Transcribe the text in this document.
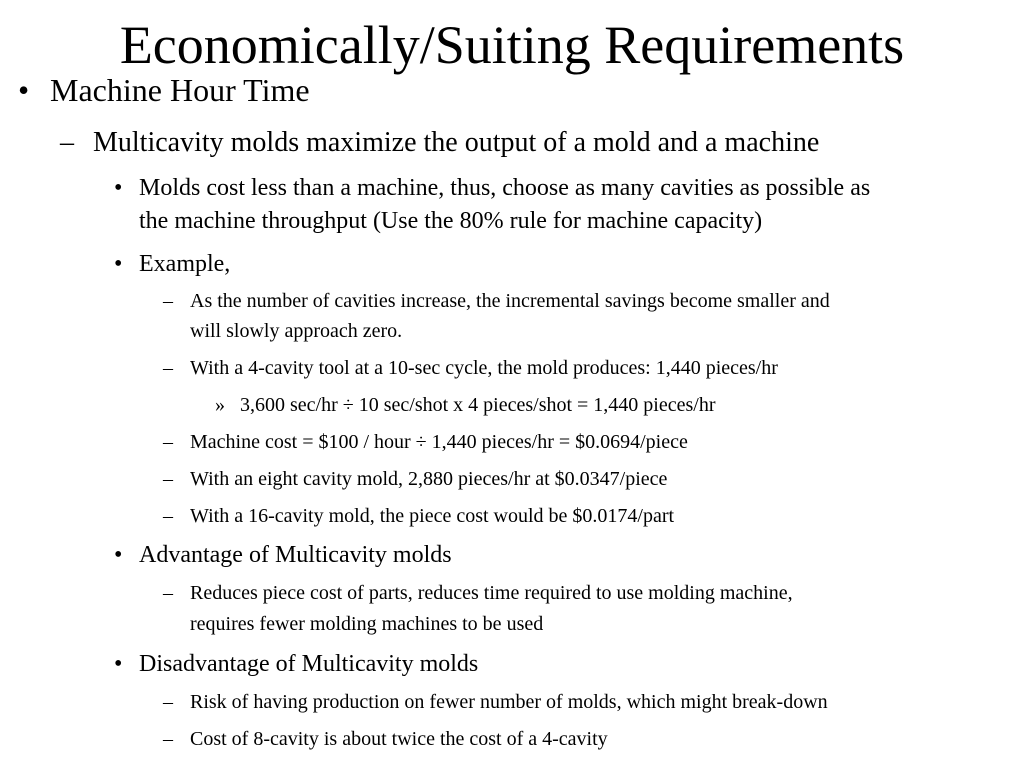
Economically/Suiting Requirements
• Machine Hour Time
– Multicavity molds maximize the output of a mold and a machine
• Molds cost less than a machine, thus, choose as many cavities as possible as
the machine throughput (Use the 80% rule for machine capacity)
• Example,
– As the number of cavities increase, the incremental savings become smaller and
will slowly approach zero.
– With a 4-cavity tool at a 10-sec cycle, the mold produces: 1,440 pieces/hr
» 3,600 sec/hr ÷ 10 sec/shot x 4 pieces/shot = 1,440 pieces/hr
– Machine cost = $100 / hour ÷ 1,440 pieces/hr = $0.0694/piece
– With an eight cavity mold, 2,880 pieces/hr at $0.0347/piece
– With a 16-cavity mold, the piece cost would be $0.0174/part
• Advantage of Multicavity molds
– Reduces piece cost of parts, reduces time required to use molding machine,
requires fewer molding machines to be used
• Disadvantage of Multicavity molds
– Risk of having production on fewer number of molds, which might break-down
– Cost of 8-cavity is about twice the cost of a 4-cavity
